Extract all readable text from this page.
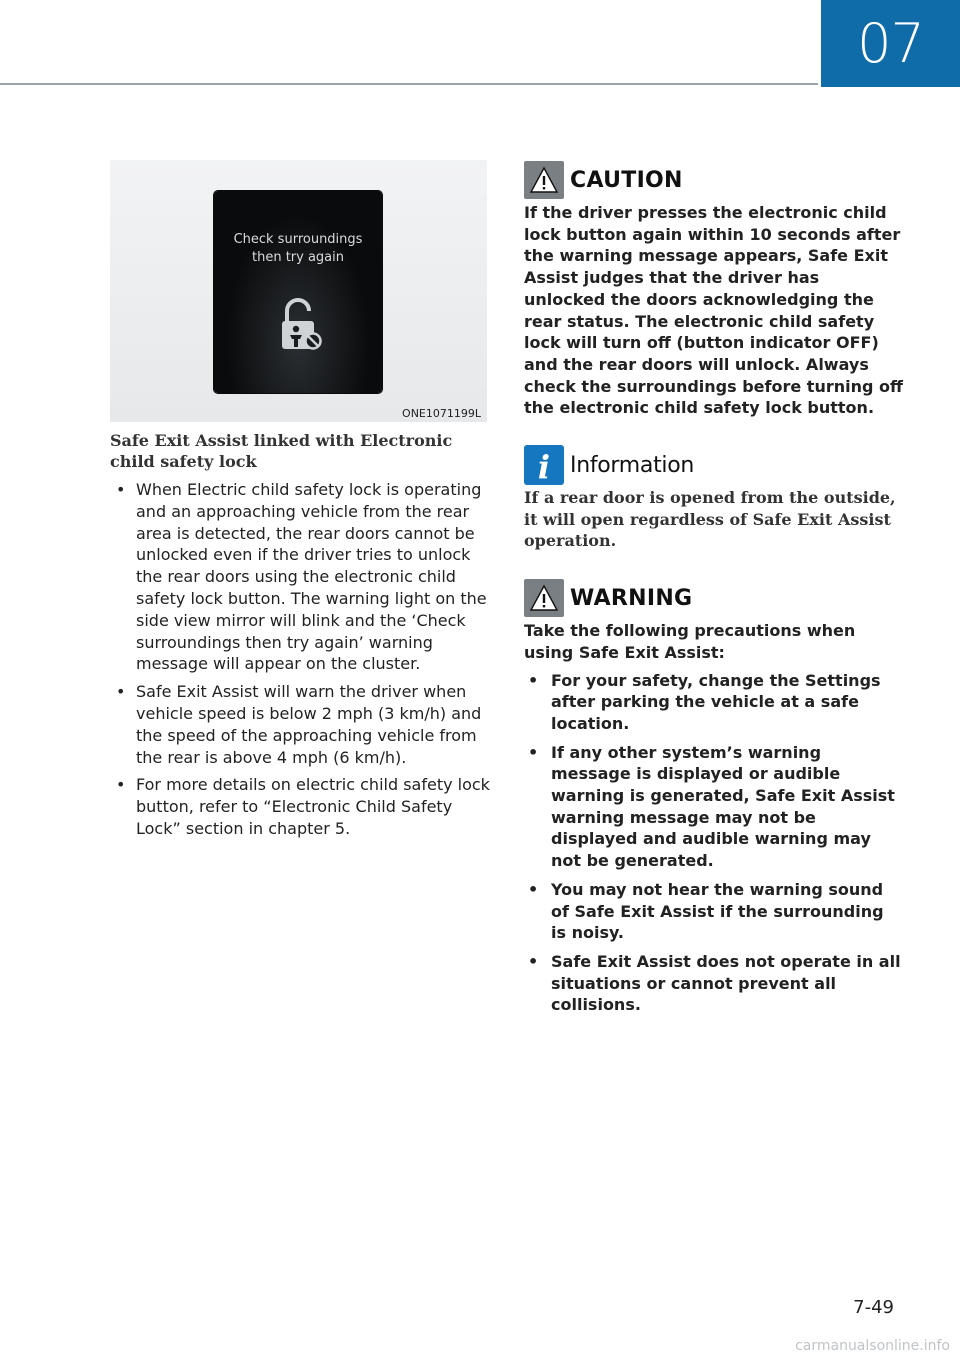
07
Check surroundings
then try again
ONE1071199L

Safe Exit Assist linked with Electronic child safety lock

• When Electric child safety lock is operating and an approaching vehicle from the rear area is detected, the rear doors cannot be unlocked even if the driver tries to unlock the rear doors using the electronic child safety lock button. The warning light on the side view mirror will blink and the ‘Check surroundings then try again’ warning message will appear on the cluster.
• Safe Exit Assist will warn the driver when vehicle speed is below 2 mph (3 km/h) and the speed of the approaching vehicle from the rear is above 4 mph (6 km/h).
• For more details on electric child safety lock button, refer to “Electronic Child Safety Lock” section in chapter 5.
CAUTION

If the driver presses the electronic child lock button again within 10 seconds after the warning message appears, Safe Exit Assist judges that the driver has unlocked the doors acknowledging the rear status. The electronic child safety lock will turn off (button indicator OFF) and the rear doors will unlock. Always check the surroundings before turning off the electronic child safety lock button.

i Information

If a rear door is opened from the outside, it will open regardless of Safe Exit Assist operation.

WARNING

Take the following precautions when using Safe Exit Assist:

• For your safety, change the Settings after parking the vehicle at a safe location.
• If any other system’s warning message is displayed or audible warning is generated, Safe Exit Assist warning message may not be displayed and audible warning may not be generated.
• You may not hear the warning sound of Safe Exit Assist if the surrounding is noisy.
• Safe Exit Assist does not operate in all situations or cannot prevent all collisions.
7-49
carmanualsonline.info
